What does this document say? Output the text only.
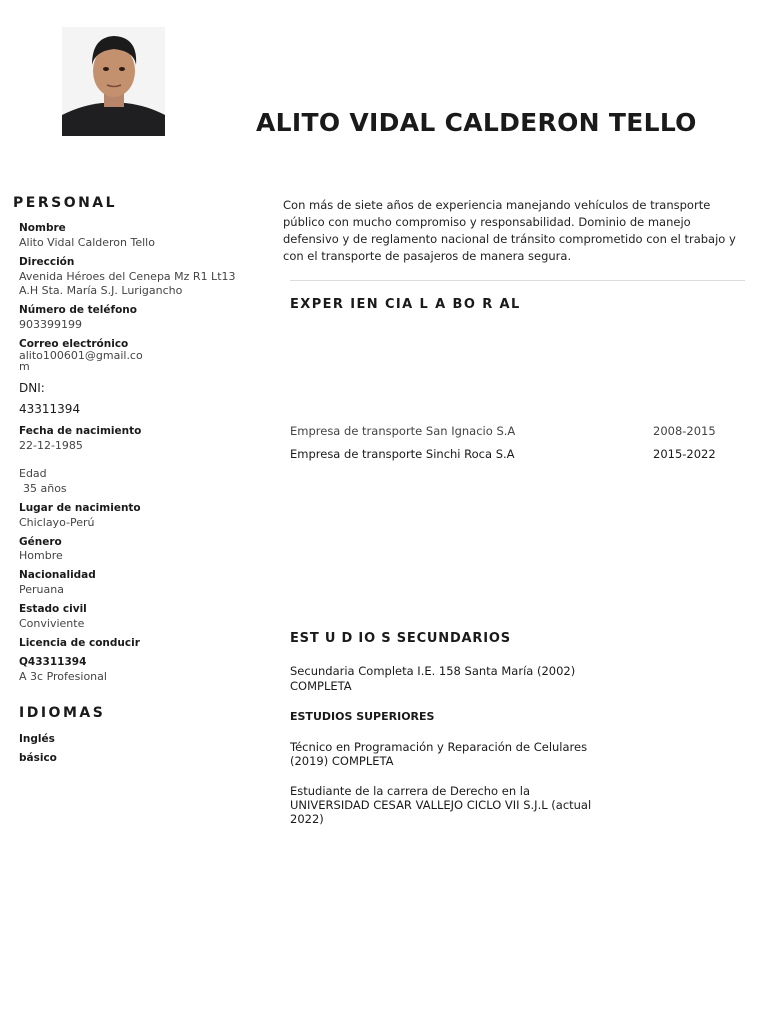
ALITO VIDAL CALDERON TELLO
PERSONAL
Nombre
Alito Vidal Calderon Tello
Dirección
Avenida Héroes del Cenepa Mz R1 Lt13
A.H Sta. María S.J. Lurigancho
Número de teléfono
903399199
Correo electrónico
alito100601@gmail.co
m
DNI:
43311394
Fecha de nacimiento
22-12-1985
Edad
35 años
Lugar de nacimiento
Chiclayo-Perú
Género
Hombre
Nacionalidad
Peruana
Estado civil
Conviviente
Licencia de conducir
Q43311394
A 3c Profesional
IDIOMAS
Inglés
básico
Con más de siete años de experiencia manejando vehículos de transporte público con mucho compromiso y responsabilidad. Dominio de manejo defensivo y de reglamento nacional de tránsito comprometido con el trabajo y con el transporte de pasajeros de manera segura.
EXPER IEN CIA L A BO R AL
Empresa de transporte San Ignacio S.A	2008-2015
Empresa de transporte Sinchi Roca S.A	2015-2022
EST U D IO S SECUNDARIOS
Secundaria Completa I.E. 158 Santa María (2002)
COMPLETA
ESTUDIOS SUPERIORES
Técnico en Programación y Reparación de Celulares
(2019) COMPLETA
Estudiante de la carrera de Derecho en la
UNIVERSIDAD CESAR VALLEJO CICLO VII S.J.L (actual
2022)
